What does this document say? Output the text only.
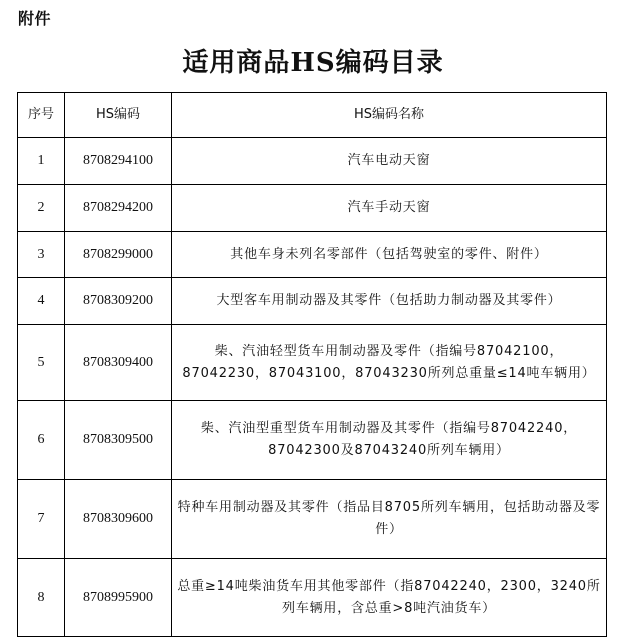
附件
适用商品HS编码目录
序号	HS编码	HS编码名称
1	8708294100	汽车电动天窗
2	8708294200	汽车手动天窗
3	8708299000	其他车身未列名零部件（包括驾驶室的零件、附件）
4	8708309200	大型客车用制动器及其零件（包括助力制动器及其零件）
5	8708309400	柴、汽油轻型货车用制动器及零件（指编号87042100，87042230，87043100，87043230所列总重量≤14吨车辆用）
6	8708309500	柴、汽油型重型货车用制动器及其零件（指编号87042240，87042300及87043240所列车辆用）
7	8708309600	特种车用制动器及其零件（指品目8705所列车辆用，包括助动器及零件）
8	8708995900	总重≥14吨柴油货车用其他零部件（指87042240，2300，3240所列车辆用，含总重>8吨汽油货车）
